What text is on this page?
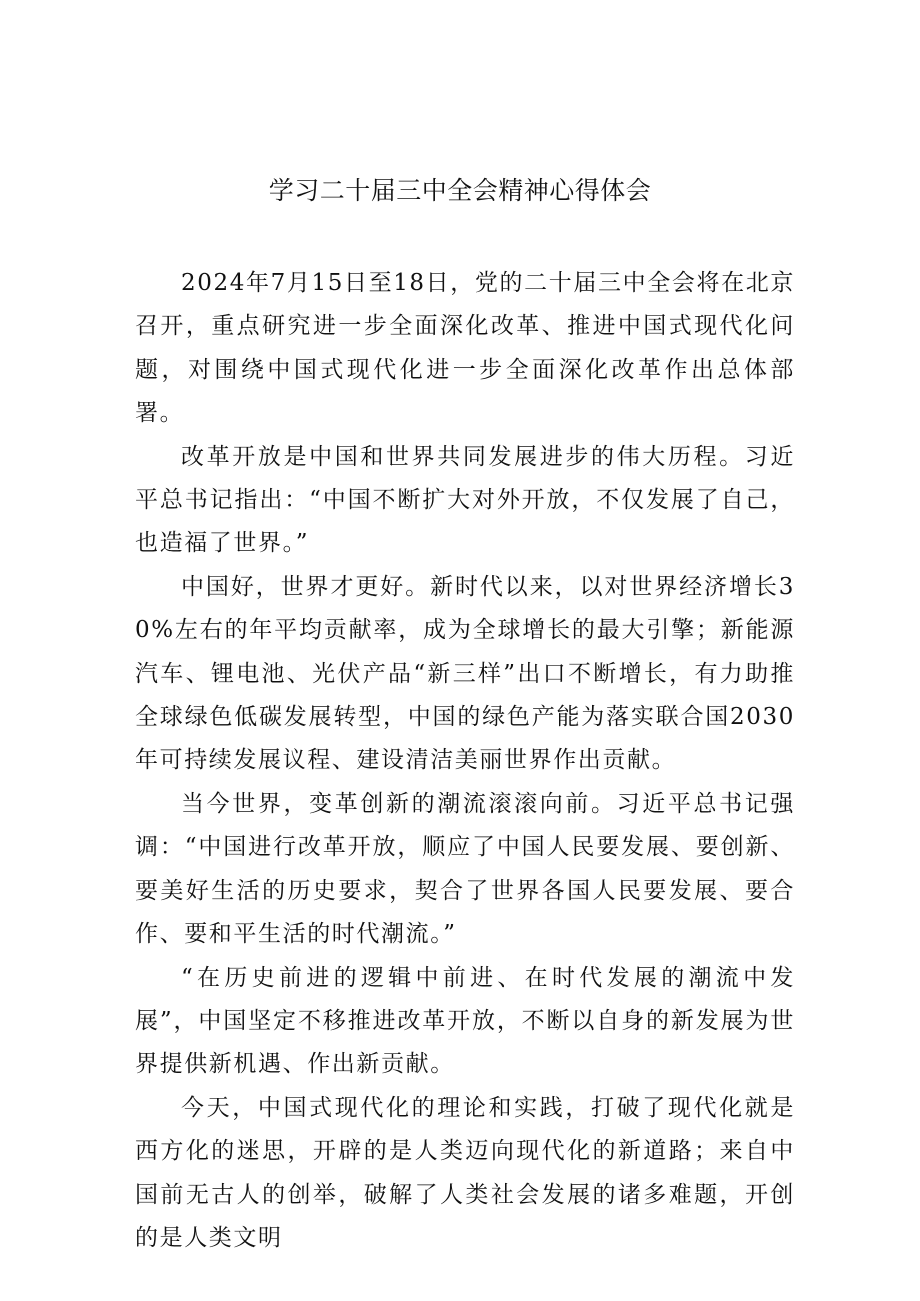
学习二十届三中全会精神心得体会

2024年7月15日至18日，党的二十届三中全会将在北京召开，重点研究进一步全面深化改革、推进中国式现代化问题，对围绕中国式现代化进一步全面深化改革作出总体部署。

改革开放是中国和世界共同发展进步的伟大历程。习近平总书记指出：“中国不断扩大对外开放，不仅发展了自己，也造福了世界。”

中国好，世界才更好。新时代以来，以对世界经济增长30%左右的年平均贡献率，成为全球增长的最大引擎；新能源汽车、锂电池、光伏产品“新三样”出口不断增长，有力助推全球绿色低碳发展转型，中国的绿色产能为落实联合国2030年可持续发展议程、建设清洁美丽世界作出贡献。

当今世界，变革创新的潮流滚滚向前。习近平总书记强调：“中国进行改革开放，顺应了中国人民要发展、要创新、要美好生活的历史要求，契合了世界各国人民要发展、要合作、要和平生活的时代潮流。”

“在历史前进的逻辑中前进、在时代发展的潮流中发展”，中国坚定不移推进改革开放，不断以自身的新发展为世界提供新机遇、作出新贡献。

今天，中国式现代化的理论和实践，打破了现代化就是西方化的迷思，开辟的是人类迈向现代化的新道路；来自中国前无古人的创举，破解了人类社会发展的诸多难题，开创的是人类文明
